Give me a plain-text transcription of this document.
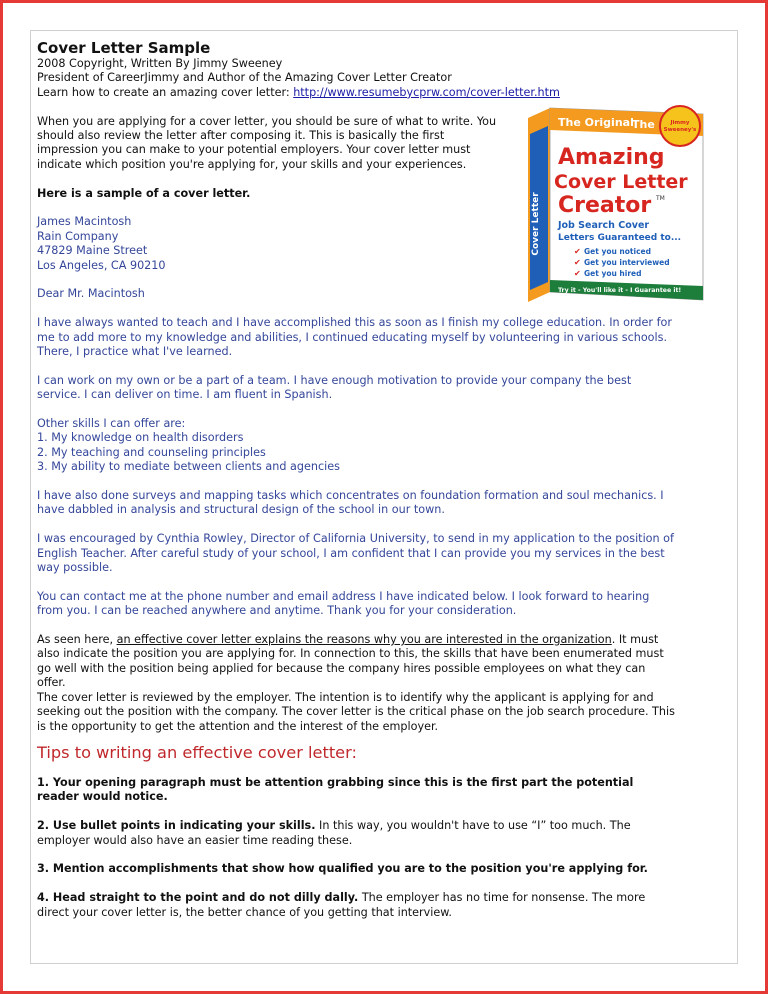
Cover Letter
The Original
The	Jimmy
Sweeney's
Amazing
Cover Letter
Creator TM
Job Search Cover
Letters Guaranteed to...
✔ Get you noticed
✔ Get you interviewed
✔ Get you hired
Try it - You'll like it - I Guarantee it!

Cover Letter Sample

2008 Copyright, Written By Jimmy Sweeney

President of CareerJimmy and Author of the Amazing Cover Letter Creator

Learn how to create an amazing cover letter: http://www.resumebycprw.com/cover-letter.htm

When you are applying for a cover letter, you should be sure of what to write. You should also review the letter after composing it. This is basically the first impression you can make to your potential employers. Your cover letter must indicate which position you're applying for, your skills and your experiences.

Here is a sample of a cover letter.

James Macintosh

Rain Company

47829 Maine Street

Los Angeles, CA 90210

Dear Mr. Macintosh

I have always wanted to teach and I have accomplished this as soon as I finish my college education. In order for me to add more to my knowledge and abilities, I continued educating myself by volunteering in various schools. There, I practice what I've learned.

I can work on my own or be a part of a team. I have enough motivation to provide your company the best service. I can deliver on time. I am fluent in Spanish.

Other skills I can offer are:

1. My knowledge on health disorders

2. My teaching and counseling principles

3. My ability to mediate between clients and agencies

I have also done surveys and mapping tasks which concentrates on foundation formation and soul mechanics. I have dabbled in analysis and structural design of the school in our town.

I was encouraged by Cynthia Rowley, Director of California University, to send in my application to the position of English Teacher. After careful study of your school, I am confident that I can provide you my services in the best way possible.

You can contact me at the phone number and email address I have indicated below. I look forward to hearing from you. I can be reached anywhere and anytime. Thank you for your consideration.

As seen here, an effective cover letter explains the reasons why you are interested in the organization. It must also indicate the position you are applying for. In connection to this, the skills that have been enumerated must go well with the position being applied for because the company hires possible employees on what they can offer.

The cover letter is reviewed by the employer. The intention is to identify why the applicant is applying for and seeking out the position with the company. The cover letter is the critical phase on the job search procedure. This is the opportunity to get the attention and the interest of the employer.

Tips to writing an effective cover letter:

1. Your opening paragraph must be attention grabbing since this is the first part the potential reader would notice.

2. Use bullet points in indicating your skills. In this way, you wouldn't have to use “I” too much. The employer would also have an easier time reading these.

3. Mention accomplishments that show how qualified you are to the position you're applying for.

4. Head straight to the point and do not dilly dally. The employer has no time for nonsense. The more direct your cover letter is, the better chance of you getting that interview.
